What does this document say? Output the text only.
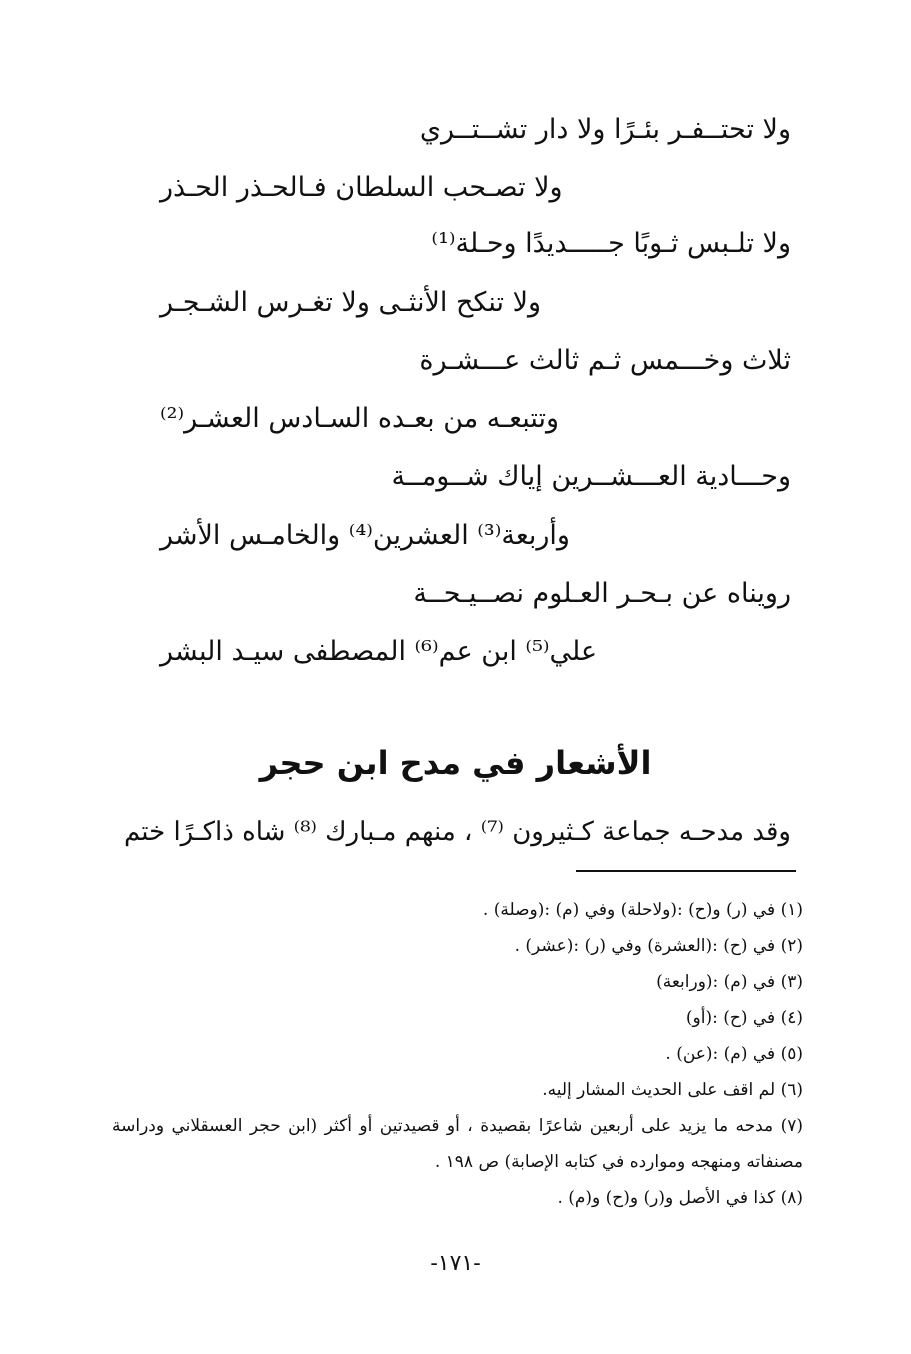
ولا تحتــفـر بئـرًا ولا دار تشــتــري
ولا تصـحب السلطان فـالحـذر الحـذر
ولا تلـبس ثـوبًا جـــــديدًا وحـلة⁽¹⁾
ولا تنكح الأنثـى ولا تغـرس الشـجـر
ثلاث وخـــمس ثـم ثالث عـــشـرة
وتتبعـه من بعـده السـادس العشـر⁽²⁾
وحـــادية العـــشــرين إياك شــومــة
وأربعة⁽³⁾ العشرين⁽⁴⁾ والخامـس الأشر
رويناه عن بـحـر العـلوم نصــيـحــة
علي⁽⁵⁾ ابن عم⁽⁶⁾ المصطفى سيـد البشر
الأشعار في مدح ابن حجر
وقد مدحـه جماعة كـثيرون ⁽⁷⁾ ، منهم مـبارك ⁽⁸⁾ شاه ذاكـرًا ختم
(١) في (ر) و(ح) :(ولاحلة) وفي (م) :(وصلة) .
(٢) في (ح) :(العشرة) وفي (ر) :(عشر) .
(٣) في (م) :(ورابعة)
(٤) في (ح) :(أو)
(٥) في (م) :(عن) .
(٦) لم اقف على الحديث المشار إليه.
(٧) مدحه ما يزيد على أربعين شاعرًا بقصيدة ، أو قصيدتين أو أكثر (ابن حجر العسقلاني ودراسة مصنفاته ومنهجه وموارده في كتابه الإصابة) ص ١٩٨ .
(٨) كذا في الأصل و(ر) و(ح) و(م) .
-١٧١-
